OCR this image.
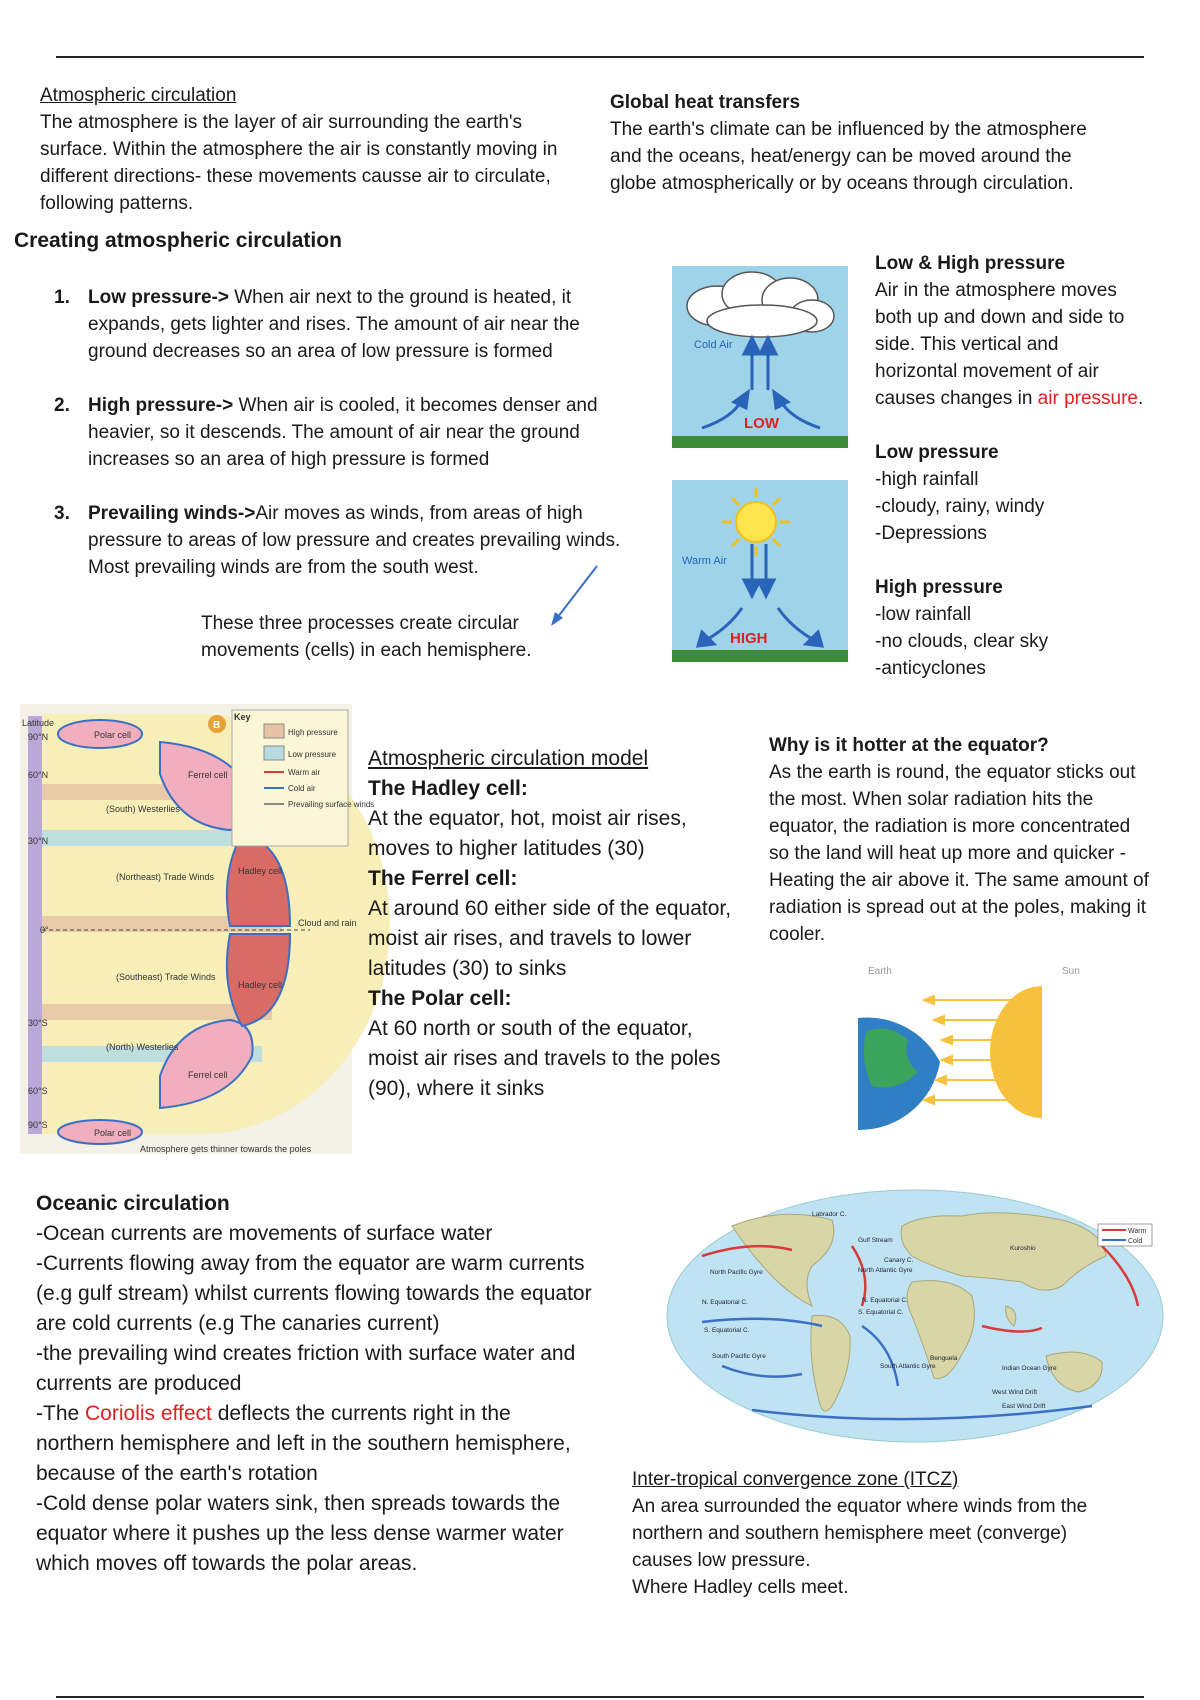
Atmospheric circulation
The atmosphere is the layer of air surrounding the earth's
surface. Within the atmosphere the air is constantly moving in
different directions- these movements causse air to circulate,
following patterns.
Global heat transfers
The earth's climate can be influenced by the atmosphere
and the oceans, heat/energy can be moved around the
globe atmospherically or by oceans through circulation.
Creating atmospheric circulation
1. Low pressure-> When air next to the ground is heated, it
expands, gets lighter and rises. The amount of air near the
ground decreases so an area of low pressure is formed
2. High pressure-> When air is cooled, it becomes denser and
heavier, so it descends. The amount of air near the ground
increases so an area of high pressure is formed
3. Prevailing winds->Air moves as winds, from areas of high
pressure to areas of low pressure and creates prevailing winds.
Most prevailing winds are from the south west.
These three processes create circular
movements (cells) in each hemisphere.
Cold Air
LOW
Warm Air
HIGH
Low & High pressure
Air in the atmosphere moves
both up and down and side to
side. This vertical and
horizontal movement of air
causes changes in air pressure.
Low pressure
-high rainfall
-cloudy, rainy, windy
-Depressions
High pressure
-low rainfall
-no clouds, clear sky
-anticyclones
Latitude
90°N
60°N
30°N
0°
30°S
60°S
90°S
Polar cell
Polar cell
Ferrel cell
Ferrel cell
Hadley cell
Hadley cell
Cloud and rain
(South) Westerlies
(Northeast) Trade Winds
(Southeast) Trade Winds
(North) Westerlies
Atmosphere gets thinner towards the poles
B
Key
High pressure
Low pressure
Warm air
Cold air
Prevailing surface winds
Atmospheric circulation model
The Hadley cell:
At the equator, hot, moist air rises,
moves to higher latitudes (30)
The Ferrel cell:
At around 60 either side of the equator,
moist air rises, and travels to lower
latitudes (30) to sinks
The Polar cell:
At 60 north or south of the equator,
moist air rises and travels to the poles
(90), where it sinks
Why is it hotter at the equator?
As the earth is round, the equator sticks out
the most. When solar radiation hits the
equator, the radiation is more concentrated
so the land will heat up more and quicker -
Heating the air above it. The same amount of
radiation is spread out at the poles, making it
cooler.
Earth	Sun
Oceanic circulation
-Ocean currents are movements of surface water
-Currents flowing away from the equator are warm currents
(e.g gulf stream) whilst currents flowing towards the equator
are cold currents (e.g The canaries current)
-the prevailing wind creates friction with surface water and
currents are produced
-The Coriolis effect deflects the currents right in the
northern hemisphere and left in the southern hemisphere,
because of the earth's rotation
-Cold dense polar waters sink, then spreads towards the
equator where it pushes up the less dense warmer water
which moves off towards the polar areas.
Warm
Cold
North Pacific Gyre
N. Equatorial C.
S. Equatorial C.
South Pacific Gyre
North Atlantic Gyre
South Atlantic Gyre	Indian Ocean Gyre
Gulf Stream
Benguela
West Wind Drift
N. Equatorial C.
S. Equatorial C.
Labrador C.
Kuroshio
Canary C.
East Wind Drift
Inter-tropical convergence zone (ITCZ)
An area surrounded the equator where winds from the
northern and southern hemisphere meet (converge)
causes low pressure.
Where Hadley cells meet.
